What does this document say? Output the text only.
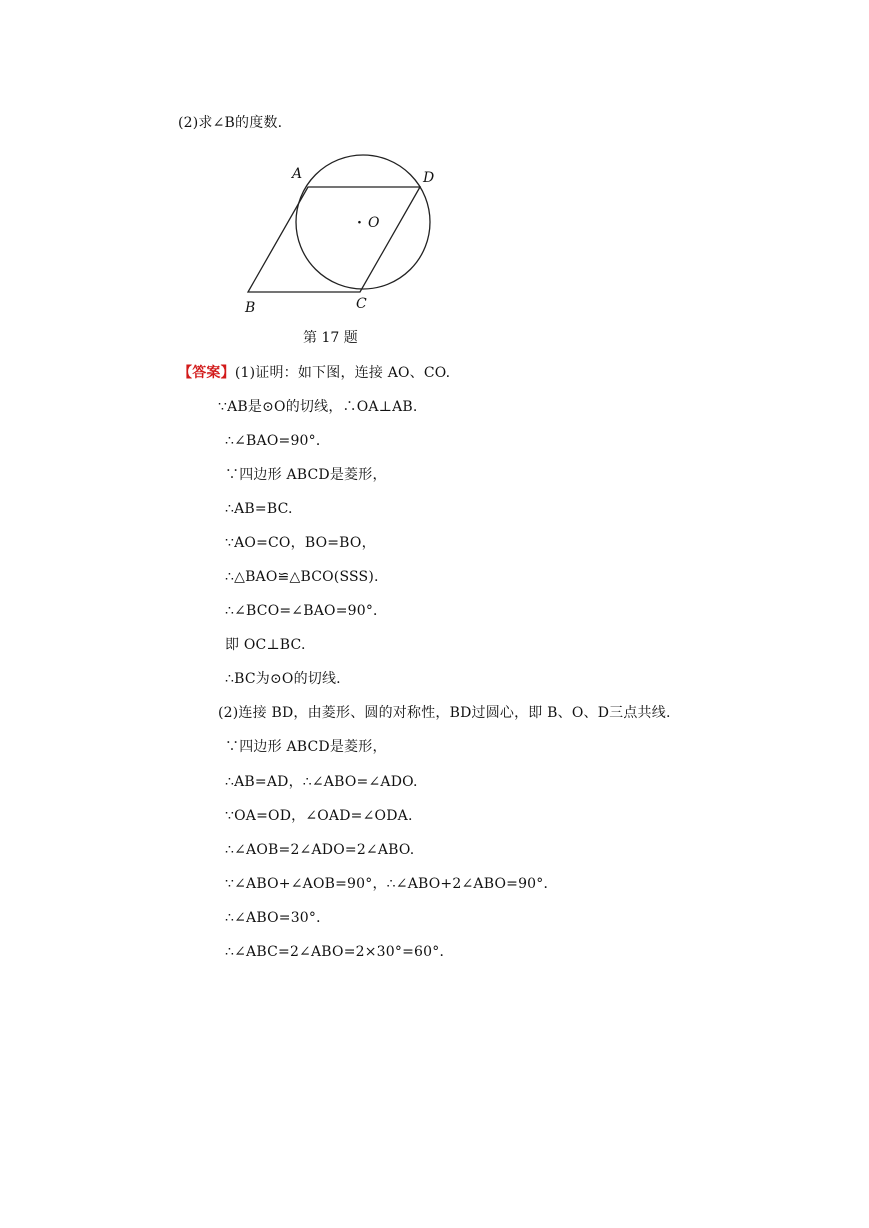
(2)求∠B的度数.
A	D
B	C
· O
第 17 题
【答案】(1)证明：如下图，连接 AO、CO.
∵AB是⊙O的切线，∴OA⊥AB.
∴∠BAO=90°．
∵四边形 ABCD是菱形，
∴AB=BC.
∵AO=CO，BO=BO，
∴△BAO≌△BCO(SSS).
∴∠BCO=∠BAO=90°．
即 OC⊥BC.
∴BC为⊙O的切线.
(2)连接 BD，由菱形、圆的对称性，BD过圆心，即 B、O、D三点共线.
∵四边形 ABCD是菱形，
∴AB=AD，∴∠ABO=∠ADO.
∵OA=OD，∠OAD=∠ODA.
∴∠AOB=2∠ADO=2∠ABO.
∵∠ABO+∠AOB=90°，∴∠ABO+2∠ABO=90°．
∴∠ABO=30°．
∴∠ABC=2∠ABO=2×30°=60°．
